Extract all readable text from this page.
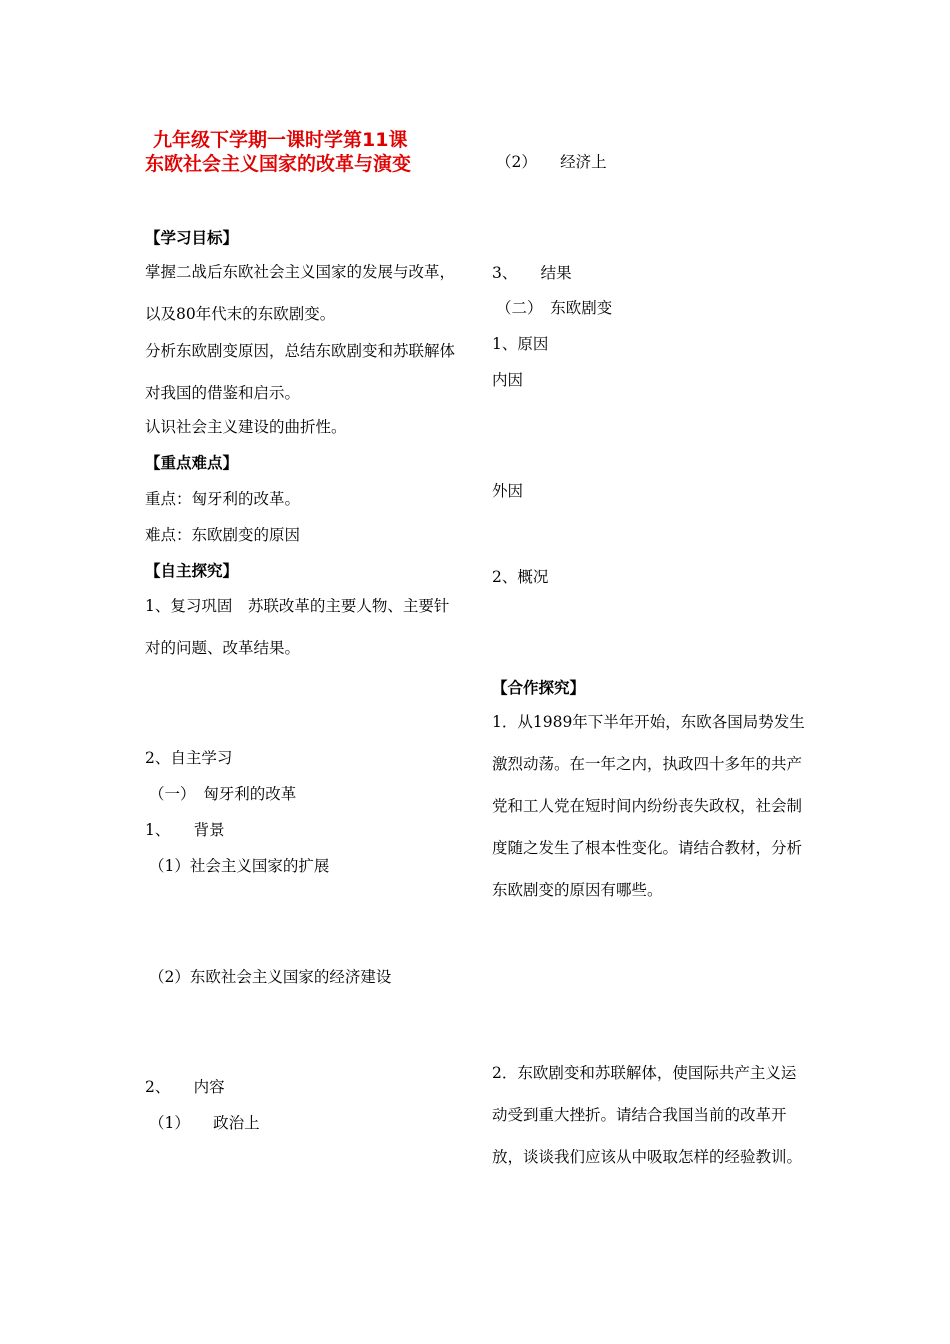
九年级下学期一课时学第11课
东欧社会主义国家的改革与演变
【学习目标】
掌握二战后东欧社会主义国家的发展与改革，以及80年代末的东欧剧变。
分析东欧剧变原因，总结东欧剧变和苏联解体对我国的借鉴和启示。
认识社会主义建设的曲折性。
【重点难点】
重点：匈牙利的改革。
难点：东欧剧变的原因
【自主探究】
1、复习巩固　苏联改革的主要人物、主要针对的问题、改革结果。
2、自主学习
（一）　匈牙利的改革
1、　　背景
（1）社会主义国家的扩展
（2）东欧社会主义国家的经济建设
2、　　内容
（1）　　政治上
（2）　　经济上
3、　　结果
（二）　东欧剧变
1、原因
内因
外因
2、概况
【合作探究】
1．从1989年下半年开始，东欧各国局势发生激烈动荡。在一年之内，执政四十多年的共产党和工人党在短时间内纷纷丧失政权，社会制度随之发生了根本性变化。请结合教材，分析东欧剧变的原因有哪些。
2．东欧剧变和苏联解体，使国际共产主义运动受到重大挫折。请结合我国当前的改革开放，谈谈我们应该从中吸取怎样的经验教训。
